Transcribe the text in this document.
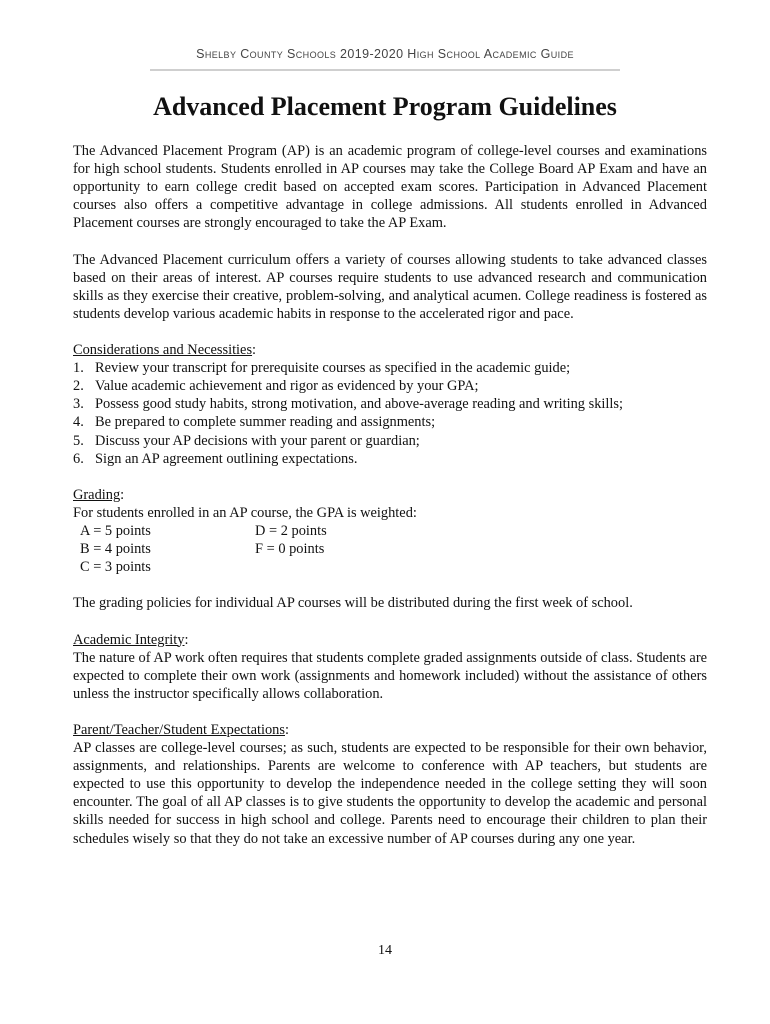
Shelby County Schools 2019-2020 High School Academic Guide
Advanced Placement Program Guidelines

The Advanced Placement Program (AP) is an academic program of college-level courses and examinations for high school students. Students enrolled in AP courses may take the College Board AP Exam and have an opportunity to earn college credit based on accepted exam scores. Participation in Advanced Placement courses also offers a competitive advantage in college admissions. All students enrolled in Advanced Placement courses are strongly encouraged to take the AP Exam.

The Advanced Placement curriculum offers a variety of courses allowing students to take advanced classes based on their areas of interest. AP courses require students to use advanced research and communication skills as they exercise their creative, problem-solving, and analytical acumen. College readiness is fostered as students develop various academic habits in response to the accelerated rigor and pace.

Considerations and Necessities:
1. Review your transcript for prerequisite courses as specified in the academic guide;
2. Value academic achievement and rigor as evidenced by your GPA;
3. Possess good study habits, strong motivation, and above-average reading and writing skills;
4. Be prepared to complete summer reading and assignments;
5. Discuss your AP decisions with your parent or guardian;
6. Sign an AP agreement outlining expectations.
Grading:
For students enrolled in an AP course, the GPA is weighted:
A = 5 points	D = 2 points
B = 4 points	F = 0 points
C = 3 points

The grading policies for individual AP courses will be distributed during the first week of school.

Academic Integrity:

The nature of AP work often requires that students complete graded assignments outside of class. Students are expected to complete their own work (assignments and homework included) without the assistance of others unless the instructor specifically allows collaboration.

Parent/Teacher/Student Expectations:

AP classes are college-level courses; as such, students are expected to be responsible for their own behavior, assignments, and relationships. Parents are welcome to conference with AP teachers, but students are expected to use this opportunity to develop the independence needed in the college setting they will soon encounter. The goal of all AP classes is to give students the opportunity to develop the academic and personal skills needed for success in high school and college. Parents need to encourage their children to plan their schedules wisely so that they do not take an excessive number of AP courses during any one year.

14
